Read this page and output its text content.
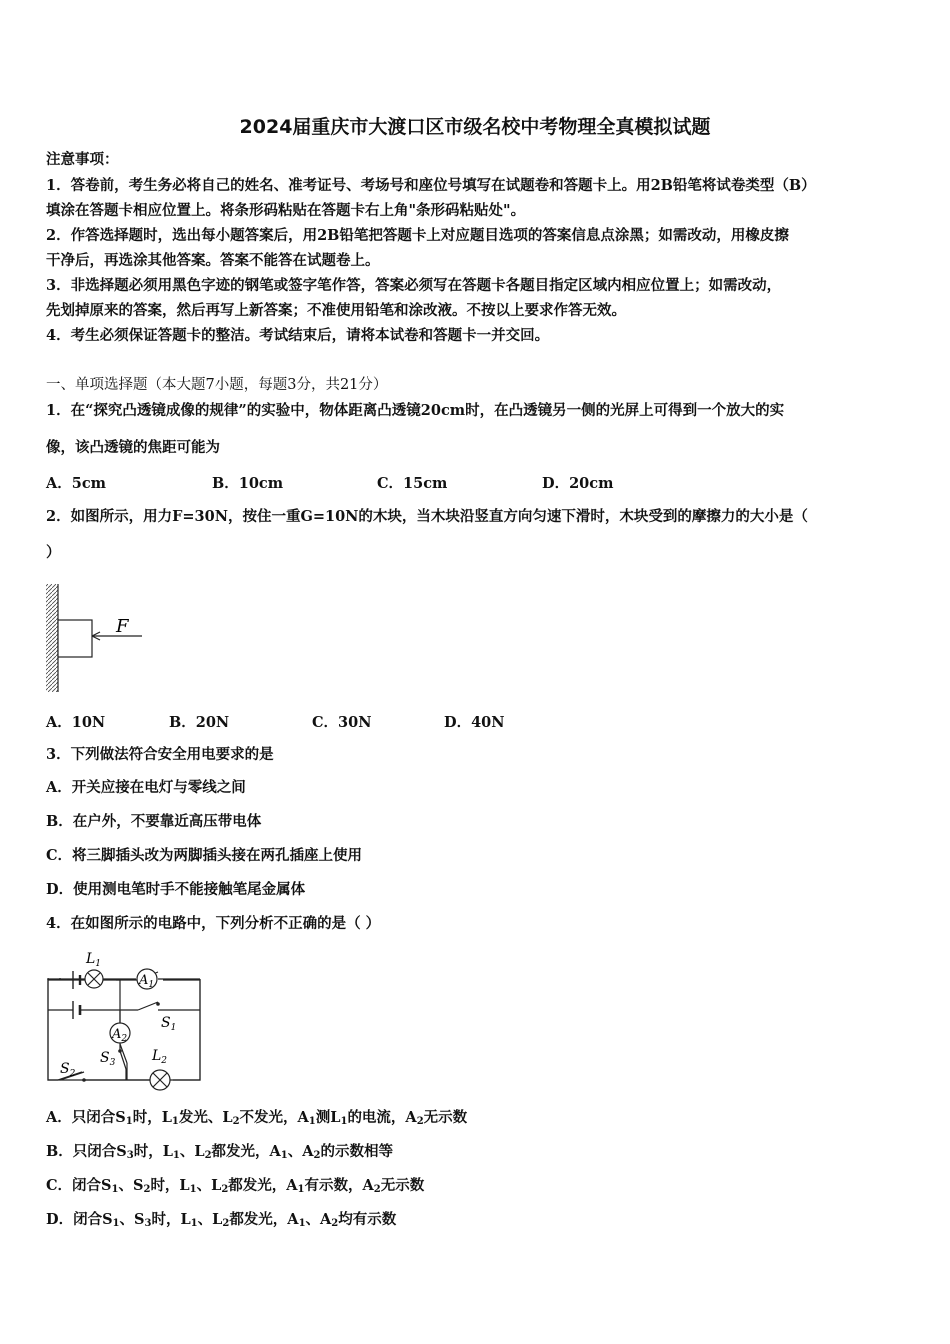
2024届重庆市大渡口区市级名校中考物理全真模拟试题
注意事项：
1．答卷前，考生务必将自己的姓名、准考证号、考场号和座位号填写在试题卷和答题卡上。用2B铅笔将试卷类型（B）
填涂在答题卡相应位置上。将条形码粘贴在答题卡右上角"条形码粘贴处"。
2．作答选择题时，选出每小题答案后，用2B铅笔把答题卡上对应题目选项的答案信息点涂黑；如需改动，用橡皮擦
干净后，再选涂其他答案。答案不能答在试题卷上。
3．非选择题必须用黑色字迹的钢笔或签字笔作答，答案必须写在答题卡各题目指定区域内相应位置上；如需改动，
先划掉原来的答案，然后再写上新答案；不准使用铅笔和涂改液。不按以上要求作答无效。
4．考生必须保证答题卡的整洁。考试结束后，请将本试卷和答题卡一并交回。
一、单项选择题（本大题7小题，每题3分，共21分）
1．在“探究凸透镜成像的规律”的实验中，物体距离凸透镜20cm时，在凸透镜另一侧的光屏上可得到一个放大的实
像，该凸透镜的焦距可能为
A．5cm	B．10cm	C．15cm	D．20cm
2．如图所示，用力F=30N，按住一重G=10N的木块，当木块沿竖直方向匀速下滑时，木块受到的摩擦力的大小是（
）
F
A．10N	B．20N	C．30N	D．40N
3．下列做法符合安全用电要求的是
A．开关应接在电灯与零线之间
B．在户外，不要靠近高压带电体
C．将三脚插头改为两脚插头接在两孔插座上使用
D．使用测电笔时手不能接触笔尾金属体
4．在如图所示的电路中，下列分析不正确的是（ ）
$L_1$
$A_1$
$A_2$
$S_1$
$S_3$	$L_2$
$S_2$
A．只闭合$S_1$时，$L_1$发光、$L_2$不发光，$A_1$测$L_1$的电流，$A_2$无示数
B．只闭合$S_3$时，$L_1$、$L_2$都发光，$A_1$、$A_2$的示数相等
C．闭合$S_1$、$S_2$时，$L_1$、$L_2$都发光，$A_1$有示数，$A_2$无示数
D．闭合$S_1$、$S_3$时，$L_1$、$L_2$都发光，$A_1$、$A_2$均有示数
